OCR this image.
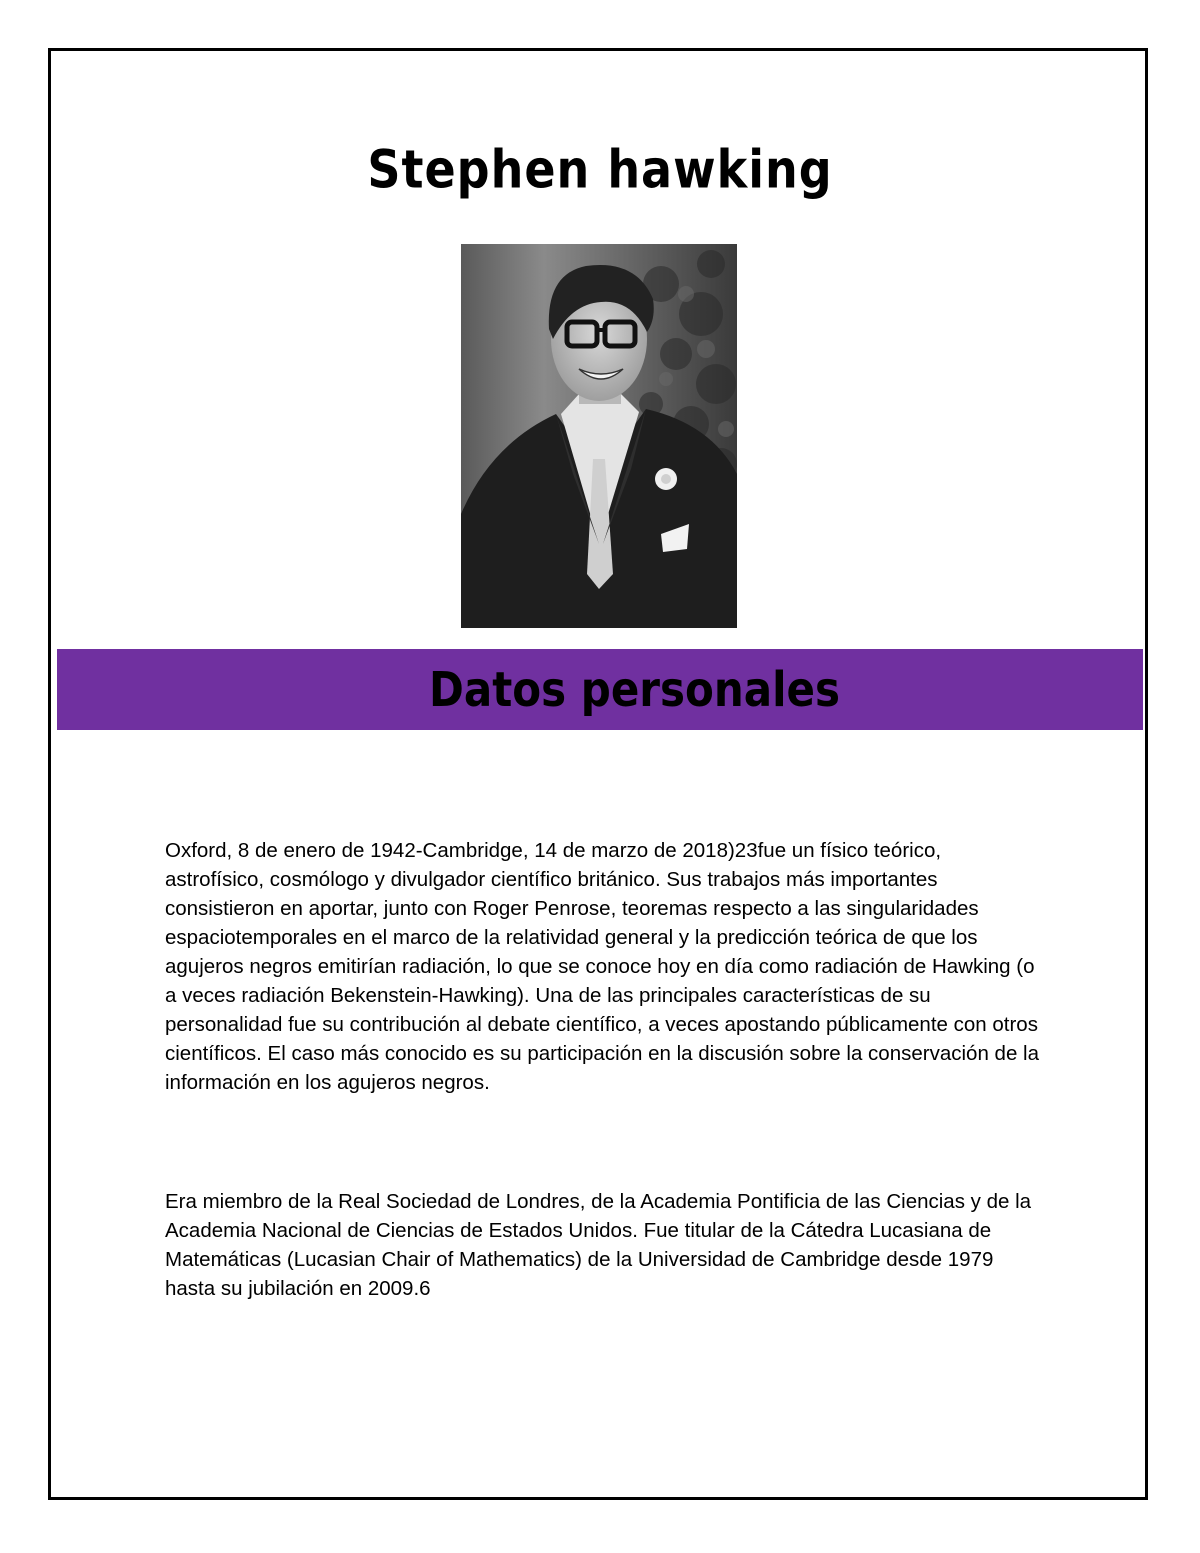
Stephen hawking
Datos personales

Oxford, 8 de enero de 1942-Cambridge, 14 de marzo de 2018)23fue un físico teórico, astrofísico, cosmólogo y divulgador científico británico. Sus trabajos más importantes consistieron en aportar, junto con Roger Penrose, teoremas respecto a las singularidades espaciotemporales en el marco de la relatividad general y la predicción teórica de que los agujeros negros emitirían radiación, lo que se conoce hoy en día como radiación de Hawking (o a veces radiación Bekenstein-Hawking). Una de las principales características de su personalidad fue su contribución al debate científico, a veces apostando públicamente con otros científicos. El caso más conocido es su participación en la discusión sobre la conservación de la información en los agujeros negros.

Era miembro de la Real Sociedad de Londres, de la Academia Pontificia de las Ciencias y de la Academia Nacional de Ciencias de Estados Unidos. Fue titular de la Cátedra Lucasiana de Matemáticas (Lucasian Chair of Mathematics) de la Universidad de Cambridge desde 1979 hasta su jubilación en 2009.6
